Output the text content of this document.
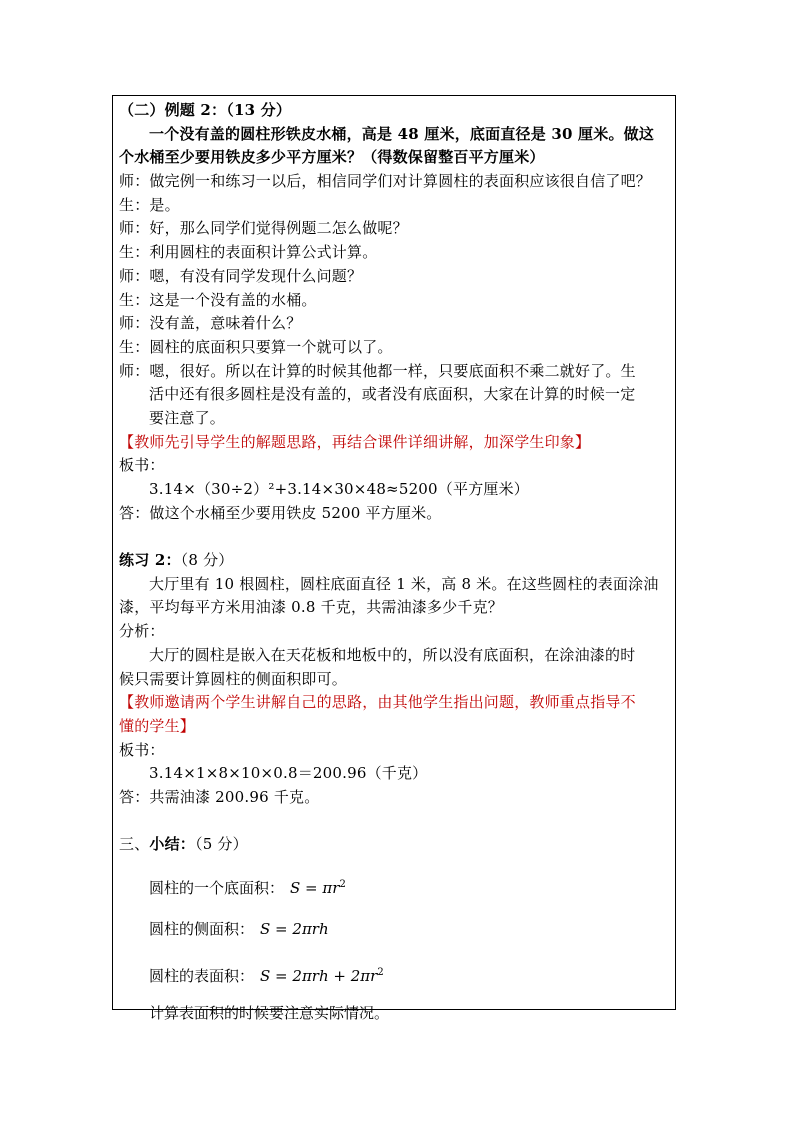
（二）例题 2：（13 分）
一个没有盖的圆柱形铁皮水桶，高是 48 厘米，底面直径是 30 厘米。做这
个水桶至少要用铁皮多少平方厘米？（得数保留整百平方厘米）
师：做完例一和练习一以后，相信同学们对计算圆柱的表面积应该很自信了吧？
生：是。
师：好，那么同学们觉得例题二怎么做呢？
生：利用圆柱的表面积计算公式计算。
师：嗯，有没有同学发现什么问题？
生：这是一个没有盖的水桶。
师：没有盖，意味着什么？
生：圆柱的底面积只要算一个就可以了。
师：嗯，很好。所以在计算的时候其他都一样，只要底面积不乘二就好了。生
活中还有很多圆柱是没有盖的，或者没有底面积，大家在计算的时候一定
要注意了。
【教师先引导学生的解题思路，再结合课件详细讲解，加深学生印象】
板书：
3.14×（30÷2）²+3.14×30×48≈5200（平方厘米）
答：做这个水桶至少要用铁皮 5200 平方厘米。
练习 2：（8 分）
大厅里有 10 根圆柱，圆柱底面直径 1 米，高 8 米。在这些圆柱的表面涂油
漆，平均每平方米用油漆 0.8 千克，共需油漆多少千克？
分析：
大厅的圆柱是嵌入在天花板和地板中的，所以没有底面积，在涂油漆的时
候只需要计算圆柱的侧面积即可。
【教师邀请两个学生讲解自己的思路，由其他学生指出问题，教师重点指导不
懂的学生】
板书：
3.14×1×8×10×0.8＝200.96（千克）
答：共需油漆 200.96 千克。
三、小结：（5 分）
圆柱的一个底面积： $S = \pi r^2$
圆柱的侧面积： S = 2πrh
圆柱的表面积： $S = 2\pi rh + 2\pi r^2$
计算表面积的时候要注意实际情况。
